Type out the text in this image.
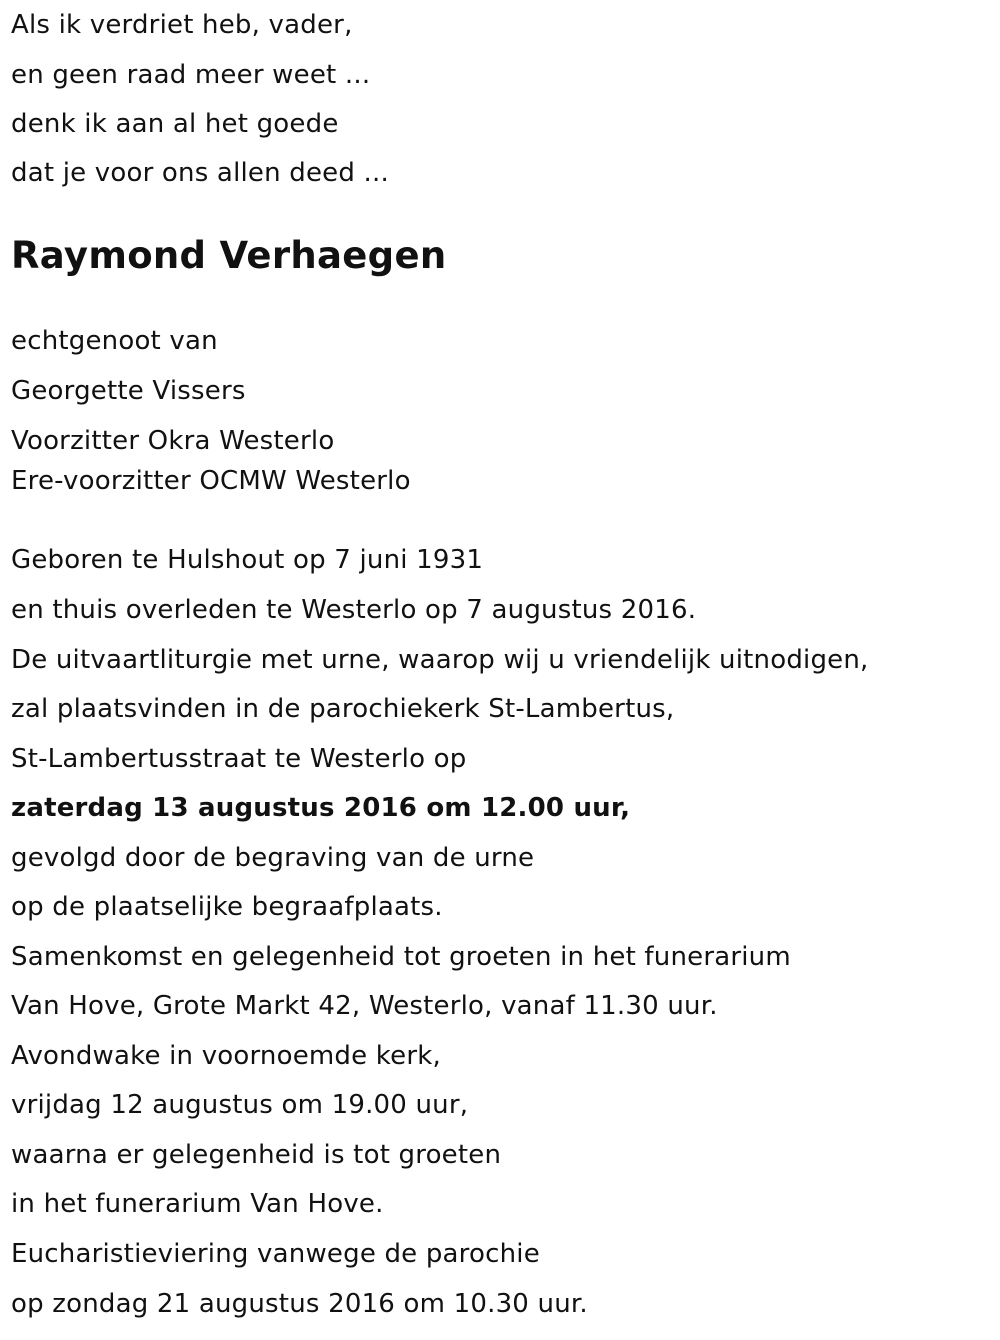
Als ik verdriet heb, vader,
en geen raad meer weet ...
denk ik aan al het goede
dat je voor ons allen deed ...
Raymond Verhaegen
echtgenoot van
Georgette Vissers
Voorzitter Okra Westerlo
Ere-voorzitter OCMW Westerlo
Geboren te Hulshout op 7 juni 1931
en thuis overleden te Westerlo op 7 augustus 2016.
De uitvaartliturgie met urne, waarop wij u vriendelijk uitnodigen,
zal plaatsvinden in de parochiekerk St-Lambertus,
St-Lambertusstraat te Westerlo op
zaterdag 13 augustus 2016 om 12.00 uur,
gevolgd door de begraving van de urne
op de plaatselijke begraafplaats.
Samenkomst en gelegenheid tot groeten in het funerarium
Van Hove, Grote Markt 42, Westerlo, vanaf 11.30 uur.
Avondwake in voornoemde kerk,
vrijdag 12 augustus om 19.00 uur,
waarna er gelegenheid is tot groeten
in het funerarium Van Hove.
Eucharistieviering vanwege de parochie
op zondag 21 augustus 2016 om 10.30 uur.
